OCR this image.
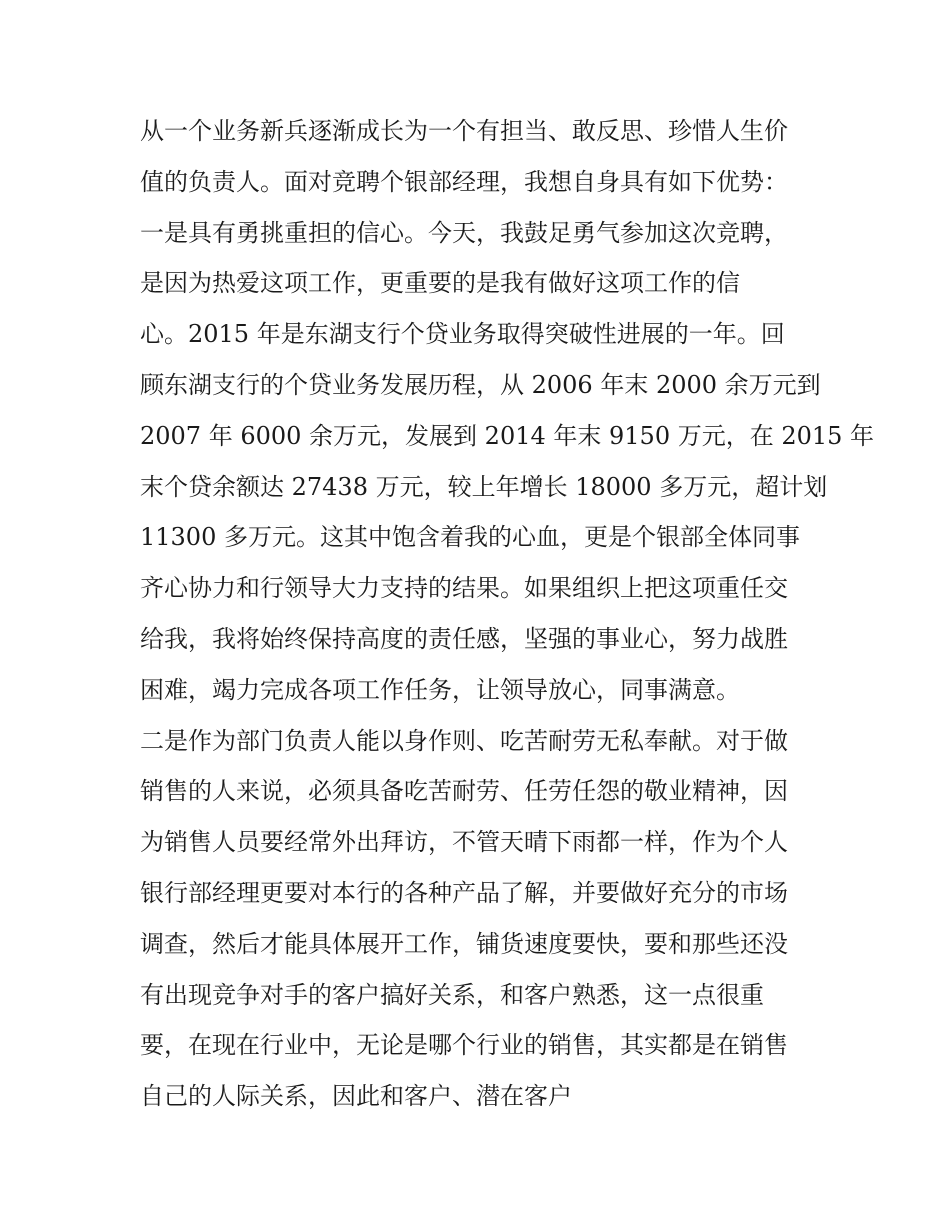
从一个业务新兵逐渐成长为一个有担当、敢反思、珍惜人生价
值的负责人。面对竞聘个银部经理，我想自身具有如下优势：
一是具有勇挑重担的信心。今天，我鼓足勇气参加这次竞聘，
是因为热爱这项工作，更重要的是我有做好这项工作的信
心。2015 年是东湖支行个贷业务取得突破性进展的一年。回
顾东湖支行的个贷业务发展历程，从 2006 年末 2000 余万元到
2007 年 6000 余万元，发展到 2014 年末 9150 万元，在 2015 年
末个贷余额达 27438 万元，较上年增长 18000 多万元，超计划
11300 多万元。这其中饱含着我的心血，更是个银部全体同事
齐心协力和行领导大力支持的结果。如果组织上把这项重任交
给我，我将始终保持高度的责任感，坚强的事业心，努力战胜
困难，竭力完成各项工作任务，让领导放心，同事满意。
二是作为部门负责人能以身作则、吃苦耐劳无私奉献。对于做
销售的人来说，必须具备吃苦耐劳、任劳任怨的敬业精神，因
为销售人员要经常外出拜访，不管天晴下雨都一样，作为个人
银行部经理更要对本行的各种产品了解，并要做好充分的市场
调查，然后才能具体展开工作，铺货速度要快，要和那些还没
有出现竞争对手的客户搞好关系，和客户熟悉，这一点很重
要，在现在行业中，无论是哪个行业的销售，其实都是在销售
自己的人际关系，因此和客户、潜在客户
